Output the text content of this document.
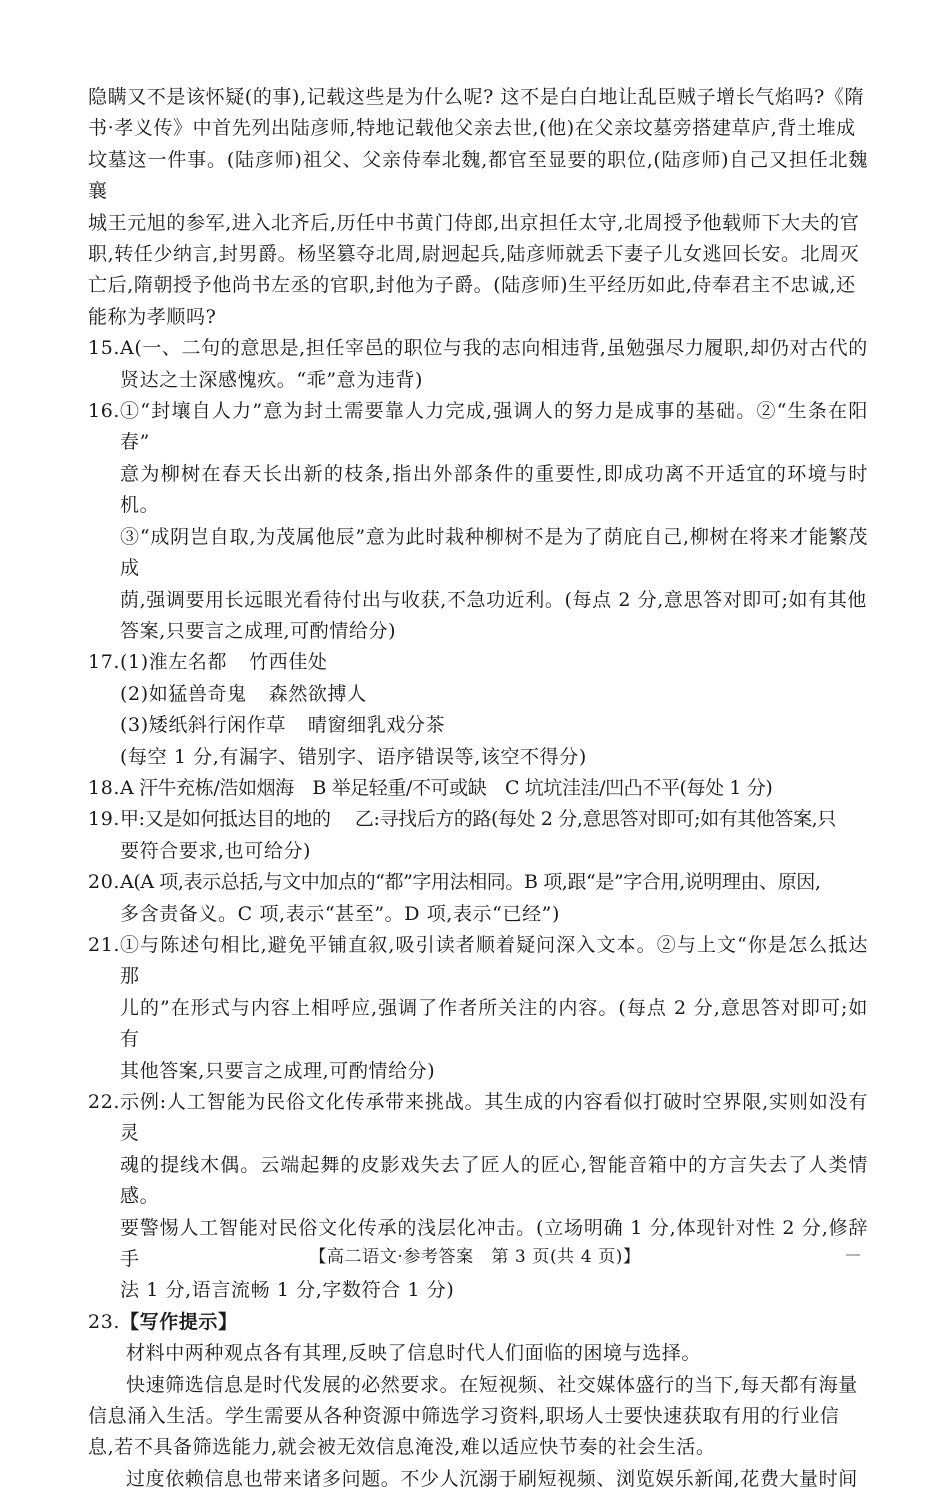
隐瞒又不是该怀疑(的事),记载这些是为什么呢? 这不是白白地让乱臣贼子增长气焰吗?《隋

书·孝义传》中首先列出陆彦师,特地记载他父亲去世,(他)在父亲坟墓旁搭建草庐,背土堆成

坟墓这一件事。(陆彦师)祖父、父亲侍奉北魏,都官至显要的职位,(陆彦师)自己又担任北魏襄

城王元旭的参军,进入北齐后,历任中书黄门侍郎,出京担任太守,北周授予他载师下大夫的官

职,转任少纳言,封男爵。杨坚篡夺北周,尉迥起兵,陆彦师就丢下妻子儿女逃回长安。北周灭

亡后,隋朝授予他尚书左丞的官职,封他为子爵。(陆彦师)生平经历如此,侍奉君主不忠诚,还

能称为孝顺吗?

15. A(一、二句的意思是,担任宰邑的职位与我的志向相违背,虽勉强尽力履职,却仍对古代的

贤达之士深感愧疚。“乖”意为违背)

16. ①“封壤自人力”意为封土需要靠人力完成,强调人的努力是成事的基础。②“生条在阳春”

意为柳树在春天长出新的枝条,指出外部条件的重要性,即成功离不开适宜的环境与时机。

③“成阴岂自取,为茂属他辰”意为此时栽种柳树不是为了荫庇自己,柳树在将来才能繁茂成

荫,强调要用长远眼光看待付出与收获,不急功近利。(每点 2 分,意思答对即可;如有其他

答案,只要言之成理,可酌情给分)

17. (1)淮左名都 竹西佳处

(2)如猛兽奇鬼 森然欲搏人

(3)矮纸斜行闲作草 晴窗细乳戏分茶

(每空 1 分,有漏字、错别字、语序错误等,该空不得分)

18. A 汗牛充栋/浩如烟海　B 举足轻重/不可或缺　C 坑坑洼洼/凹凸不平(每处 1 分)

19. 甲:又是如何抵达目的地的　 乙:寻找后方的路(每处 2 分,意思答对即可;如有其他答案,只

要符合要求,也可给分)

20. A(A 项,表示总括,与文中加点的“都”字用法相同。B 项,跟“是”字合用,说明理由、原因,

多含责备义。C 项,表示“甚至”。D 项,表示“已经”)

21. ①与陈述句相比,避免平铺直叙,吸引读者顺着疑问深入文本。②与上文“你是怎么抵达那

儿的”在形式与内容上相呼应,强调了作者所关注的内容。(每点 2 分,意思答对即可;如有

其他答案,只要言之成理,可酌情给分)

22. 示例:人工智能为民俗文化传承带来挑战。其生成的内容看似打破时空界限,实则如没有灵

魂的提线木偶。云端起舞的皮影戏失去了匠人的匠心,智能音箱中的方言失去了人类情感。

要警惕人工智能对民俗文化传承的浅层化冲击。(立场明确 1 分,体现针对性 2 分,修辞手

法 1 分,语言流畅 1 分,字数符合 1 分)

23. 【写作提示】

材料中两种观点各有其理,反映了信息时代人们面临的困境与选择。

快速筛选信息是时代发展的必然要求。在短视频、社交媒体盛行的当下,每天都有海量

信息涌入生活。学生需要从各种资源中筛选学习资料,职场人士要快速获取有用的行业信

息,若不具备筛选能力,就会被无效信息淹没,难以适应快节奏的社会生活。

过度依赖信息也带来诸多问题。不少人沉溺于刷短视频、浏览娱乐新闻,花费大量时间

【高二语文·参考答案　第 3 页(共 4 页)】
